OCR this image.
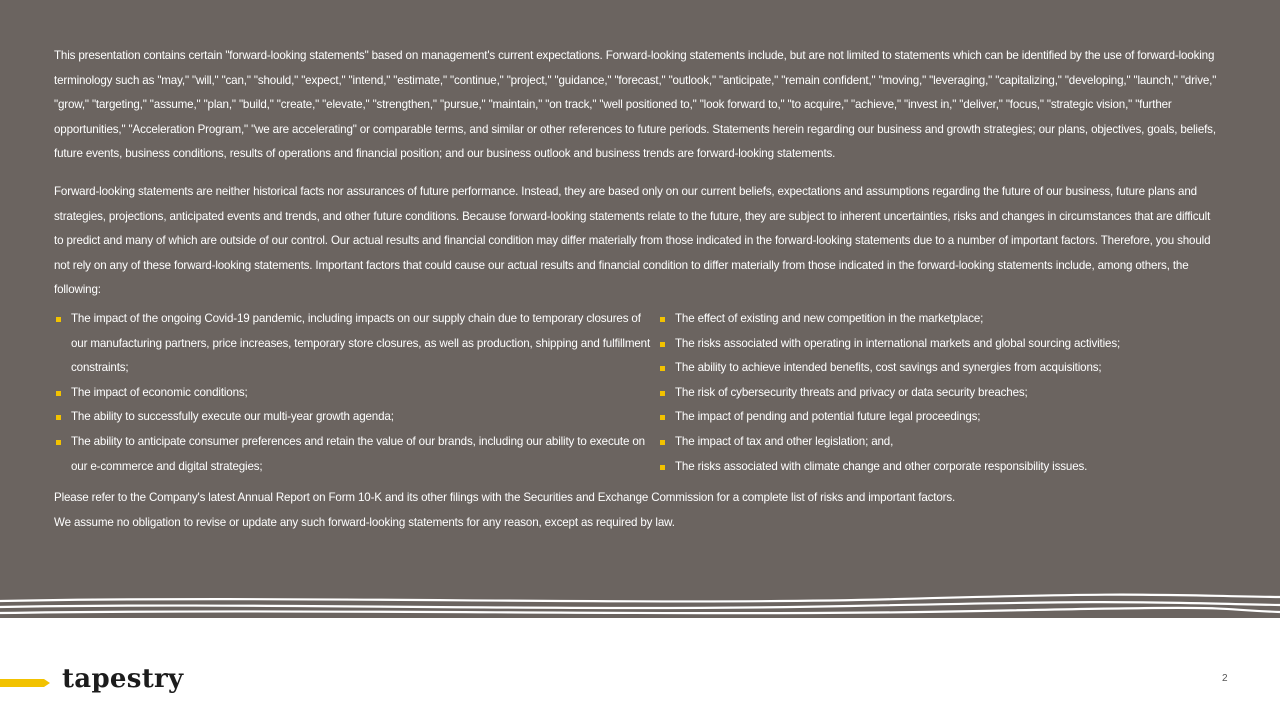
This presentation contains certain "forward-looking statements" based on management's current expectations. Forward-looking statements include, but are not limited to statements which can be identified by the use of forward-looking terminology such as "may," "will," "can," "should," "expect," "intend," "estimate," "continue," "project," "guidance," "forecast," "outlook," "anticipate," "remain confident," "moving," "leveraging," "capitalizing," "developing," "launch," "drive," "grow," "targeting," "assume," "plan," "build," "create," "elevate," "strengthen," "pursue," "maintain," "on track," "well positioned to," "look forward to," "to acquire," "achieve," "invest in," "deliver," "focus," "strategic vision," "further opportunities," "Acceleration Program," "we are accelerating" or comparable terms, and similar or other references to future periods. Statements herein regarding our business and growth strategies; our plans, objectives, goals, beliefs, future events, business conditions, results of operations and financial position; and our business outlook and business trends are forward-looking statements.

Forward-looking statements are neither historical facts nor assurances of future performance. Instead, they are based only on our current beliefs, expectations and assumptions regarding the future of our business, future plans and strategies, projections, anticipated events and trends, and other future conditions. Because forward-looking statements relate to the future, they are subject to inherent uncertainties, risks and changes in circumstances that are difficult to predict and many of which are outside of our control. Our actual results and financial condition may differ materially from those indicated in the forward-looking statements due to a number of important factors. Therefore, you should not rely on any of these forward-looking statements. Important factors that could cause our actual results and financial condition to differ materially from those indicated in the forward-looking statements include, among others, the following:

The impact of the ongoing Covid-19 pandemic, including impacts on our supply chain due to temporary closures of our manufacturing partners, price increases, temporary store closures, as well as production, shipping and fulfillment constraints;
The impact of economic conditions;
The ability to successfully execute our multi-year growth agenda;
The ability to anticipate consumer preferences and retain the value of our brands, including our ability to execute on our e-commerce and digital strategies;
The effect of existing and new competition in the marketplace;
The risks associated with operating in international markets and global sourcing activities;
The ability to achieve intended benefits, cost savings and synergies from acquisitions;
The risk of cybersecurity threats and privacy or data security breaches;
The impact of pending and potential future legal proceedings;
The impact of tax and other legislation; and,
The risks associated with climate change and other corporate responsibility issues.

Please refer to the Company's latest Annual Report on Form 10-K and its other filings with the Securities and Exchange Commission for a complete list of risks and important factors.

We assume no obligation to revise or update any such forward-looking statements for any reason, except as required by law.

tapestry	2
